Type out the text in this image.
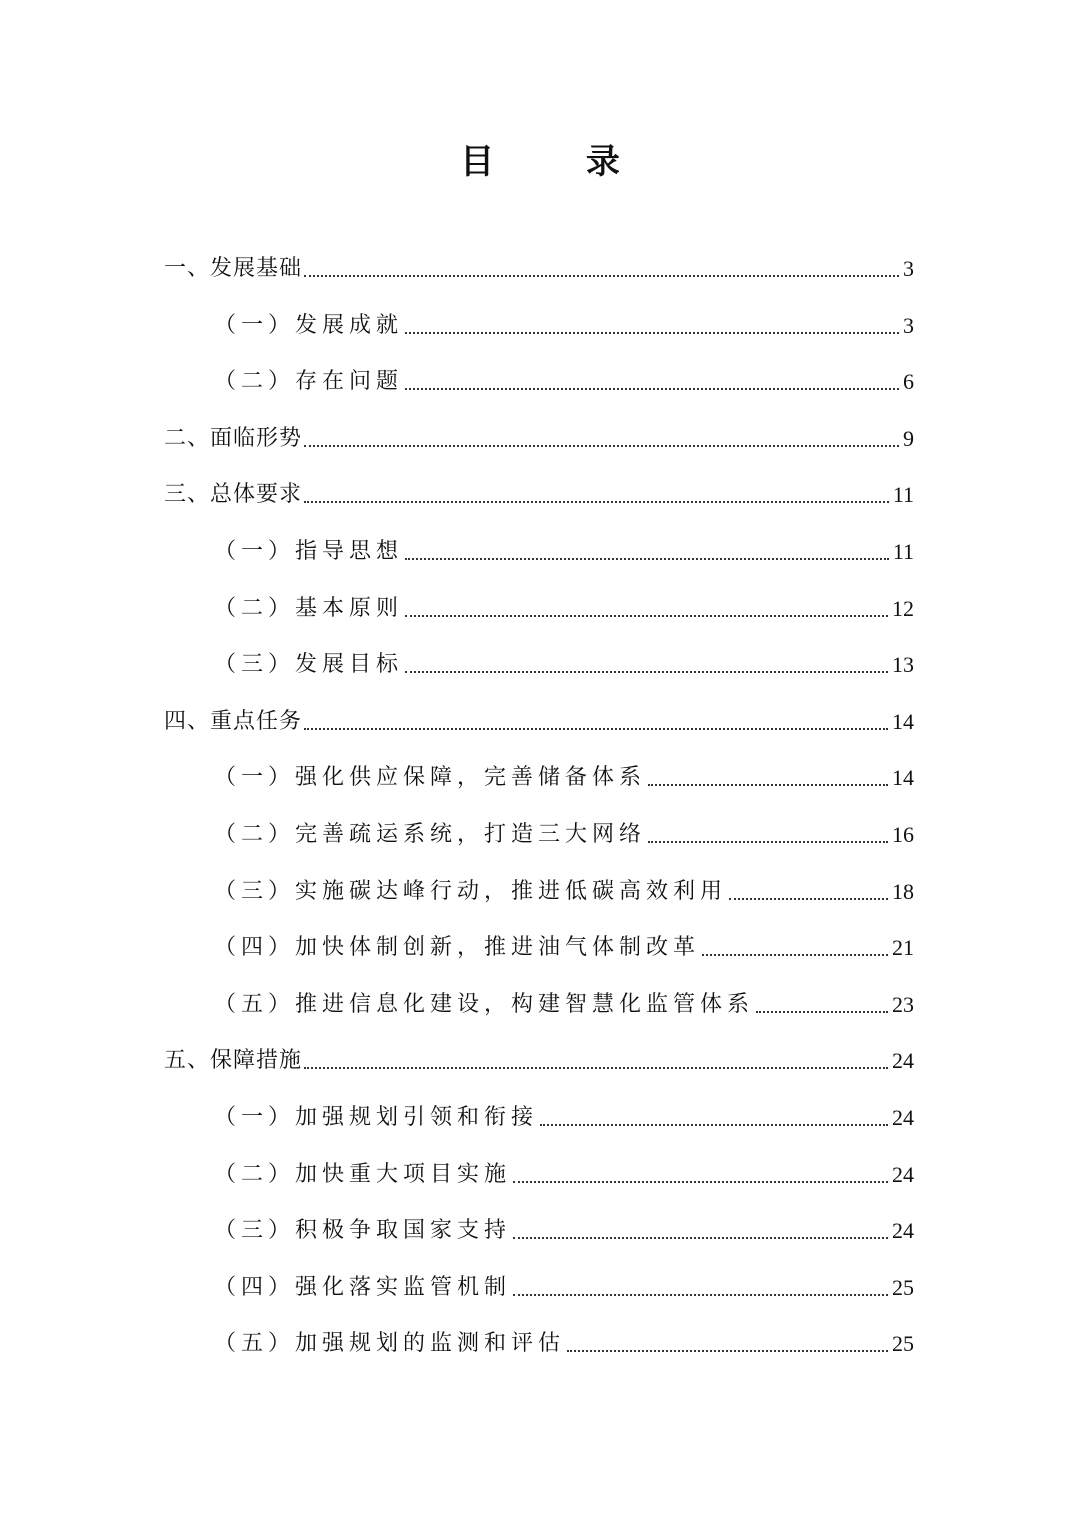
目 录
一、发展基础	3
（一）发展成就	3
（二）存在问题	6
二、面临形势	9
三、总体要求	11
（一）指导思想	11
（二）基本原则	12
（三）发展目标	13
四、重点任务	14
（一）强化供应保障，完善储备体系	14
（二）完善疏运系统，打造三大网络	16
（三）实施碳达峰行动，推进低碳高效利用	18
（四）加快体制创新，推进油气体制改革	21
（五）推进信息化建设，构建智慧化监管体系	23
五、保障措施	24
（一）加强规划引领和衔接	24
（二）加快重大项目实施	24
（三）积极争取国家支持	24
（四）强化落实监管机制	25
（五）加强规划的监测和评估	25
